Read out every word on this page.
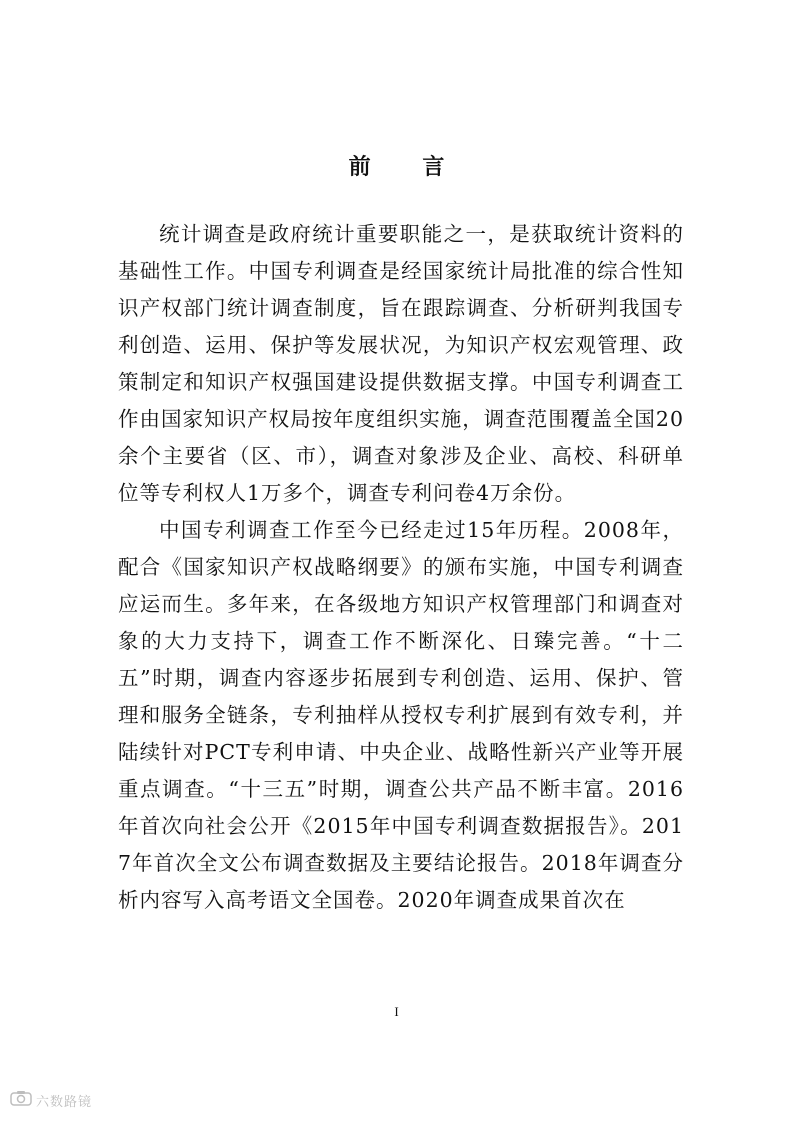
前 言

统计调查是政府统计重要职能之一，是获取统计资料的基础性工作。中国专利调查是经国家统计局批准的综合性知识产权部门统计调查制度，旨在跟踪调查、分析研判我国专利创造、运用、保护等发展状况，为知识产权宏观管理、政策制定和知识产权强国建设提供数据支撑。中国专利调查工作由国家知识产权局按年度组织实施，调查范围覆盖全国20余个主要省（区、市），调查对象涉及企业、高校、科研单位等专利权人1万多个，调查专利问卷4万余份。

中国专利调查工作至今已经走过15年历程。2008年，配合《国家知识产权战略纲要》的颁布实施，中国专利调查应运而生。多年来，在各级地方知识产权管理部门和调查对象的大力支持下，调查工作不断深化、日臻完善。“十二五”时期，调查内容逐步拓展到专利创造、运用、保护、管理和服务全链条，专利抽样从授权专利扩展到有效专利，并陆续针对PCT专利申请、中央企业、战略性新兴产业等开展重点调查。“十三五”时期，调查公共产品不断丰富。2016年首次向社会公开《2015年中国专利调查数据报告》。2017年首次全文公布调查数据及主要结论报告。2018年调查分析内容写入高考语文全国卷。2020年调查成果首次在

I
六数路镜
